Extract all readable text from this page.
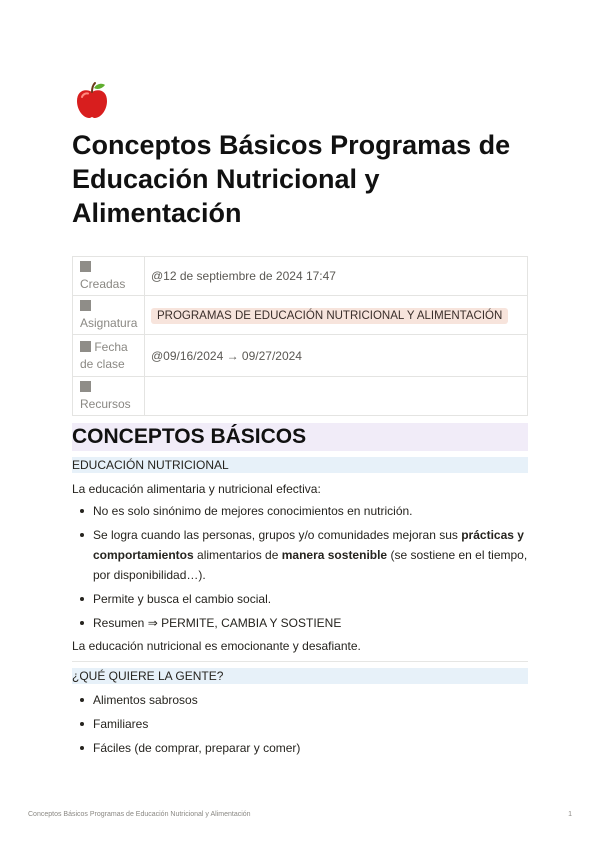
Conceptos Básicos Programas de Educación Nutricional y Alimentación

Creadas	@12 de septiembre de 2024 17:47

Asignatura	PROGRAMAS DE EDUCACIÓN NUTRICIONAL Y ALIMENTACIÓN
Fecha de clase	@09/16/2024 → 09/27/2024

Recursos	
CONCEPTOS BÁSICOS
EDUCACIÓN NUTRICIONAL
La educación alimentaria y nutricional efectiva:
No es solo sinónimo de mejores conocimientos en nutrición.
Se logra cuando las personas, grupos y/o comunidades mejoran sus prácticas y comportamientos alimentarios de manera sostenible (se sostiene en el tiempo, por disponibilidad…).
Permite y busca el cambio social.
Resumen ⇒ PERMITE, CAMBIA Y SOSTIENE
La educación nutricional es emocionante y desafiante.
¿QUÉ QUIERE LA GENTE?
Alimentos sabrosos
Familiares
Fáciles (de comprar, preparar y comer)
Conceptos Básicos Programas de Educación Nutricional y Alimentación	1
